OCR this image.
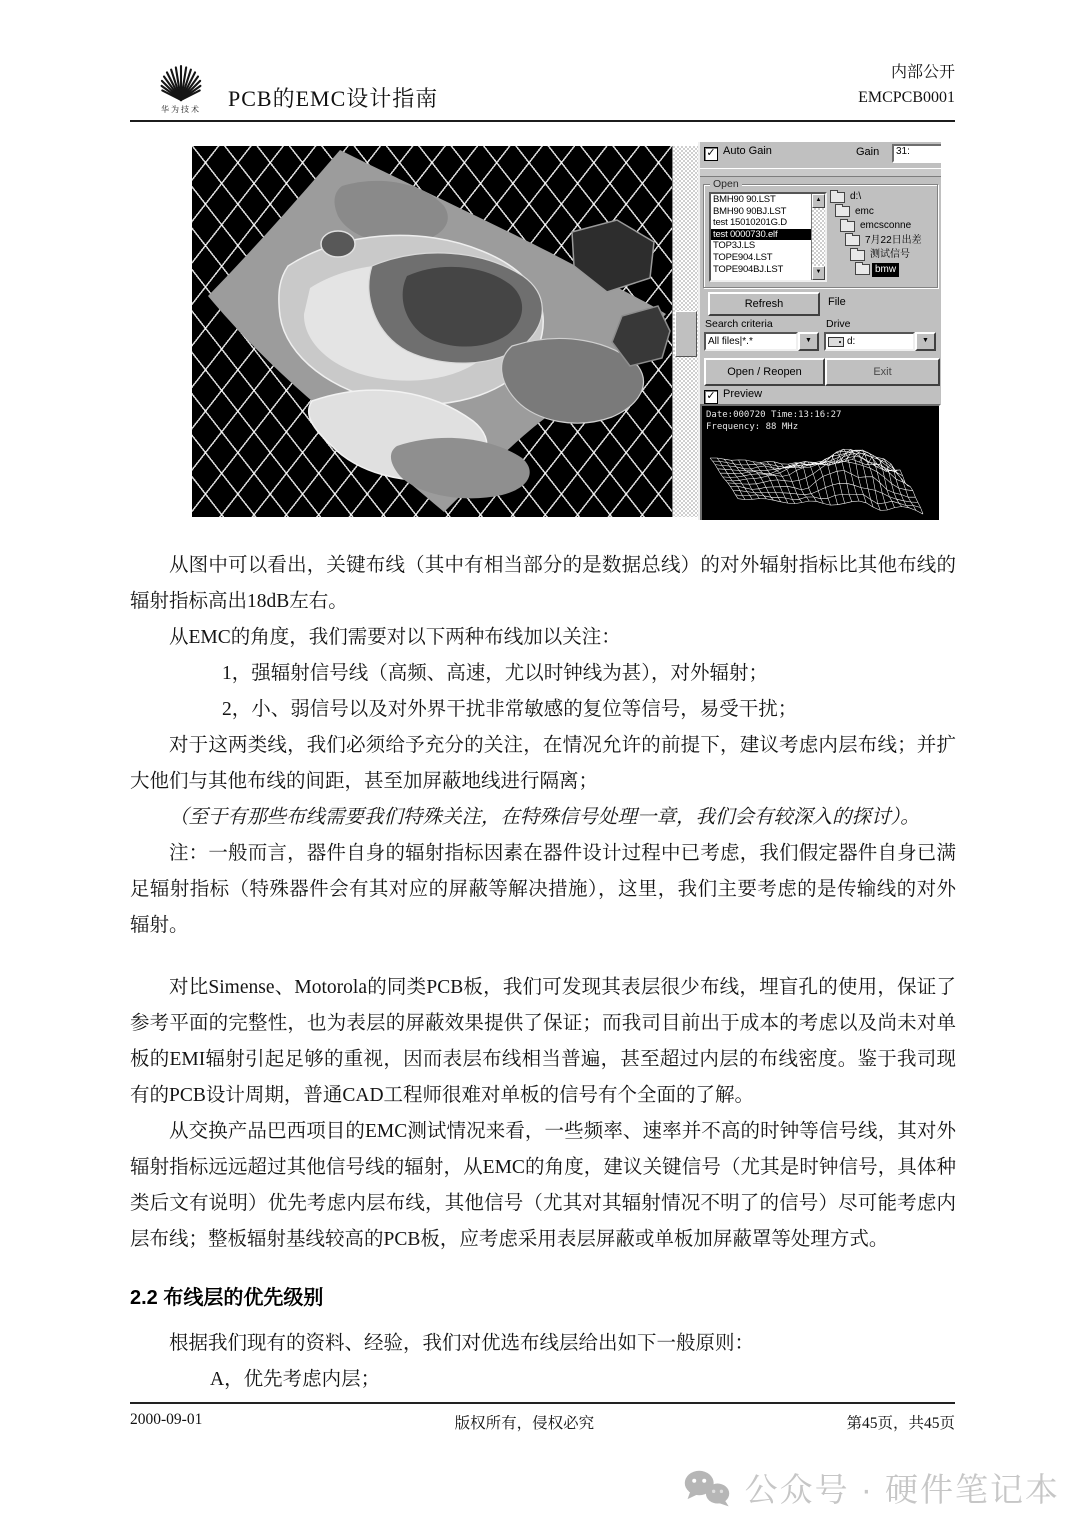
华为技术	PCB的EMC设计指南
内部公开
EMCPCB0001
✓ Auto Gain	Gain	31:
Open
BMH90 90.LST
BMH90 90BJ.LST
test 15010201G.D
test 0000730.elf
TOP3J.LS
TOPE904.LST
TOPE904BJ.LST
▲
▼
d:\
emc
emcsconne
7月22日出差
测试信号
bmw
Refresh	File
Search criteria	Drive
All files|*.*	▼	d:	▼
Open / Reopen	Exit
✓ Preview
Date:000720 Time:13:16:27
Frequency: 88 MHz

从图中可以看出，关键布线（其中有相当部分的是数据总线）的对外辐射指标比其他布线的辐射指标高出18dB左右。

从EMC的角度，我们需要对以下两种布线加以关注：

1，强辐射信号线（高频、高速，尤以时钟线为甚），对外辐射；

2，小、弱信号以及对外界干扰非常敏感的复位等信号，易受干扰；

对于这两类线，我们必须给予充分的关注，在情况允许的前提下，建议考虑内层布线；并扩大他们与其他布线的间距，甚至加屏蔽地线进行隔离；

（至于有那些布线需要我们特殊关注，在特殊信号处理一章，我们会有较深入的探讨）。

注：一般而言，器件自身的辐射指标因素在器件设计过程中已考虑，我们假定器件自身已满足辐射指标（特殊器件会有其对应的屏蔽等解决措施），这里，我们主要考虑的是传输线的对外辐射。

对比Simense、Motorola的同类PCB板，我们可发现其表层很少布线，埋盲孔的使用，保证了参考平面的完整性，也为表层的屏蔽效果提供了保证；而我司目前出于成本的考虑以及尚未对单板的EMI辐射引起足够的重视，因而表层布线相当普遍，甚至超过内层的布线密度。鉴于我司现有的PCB设计周期，普通CAD工程师很难对单板的信号有个全面的了解。

从交换产品巴西项目的EMC测试情况来看，一些频率、速率并不高的时钟等信号线，其对外辐射指标远远超过其他信号线的辐射，从EMC的角度，建议关键信号（尤其是时钟信号，具体种类后文有说明）优先考虑内层布线，其他信号（尤其对其辐射情况不明了的信号）尽可能考虑内层布线；整板辐射基线较高的PCB板，应考虑采用表层屏蔽或单板加屏蔽罩等处理方式。

2.2 布线层的优先级别

根据我们现有的资料、经验，我们对优选布线层给出如下一般原则：

A，优先考虑内层；

2000-09-01	版权所有，侵权必究	第45页，共45页
公众号 · 硬件笔记本
